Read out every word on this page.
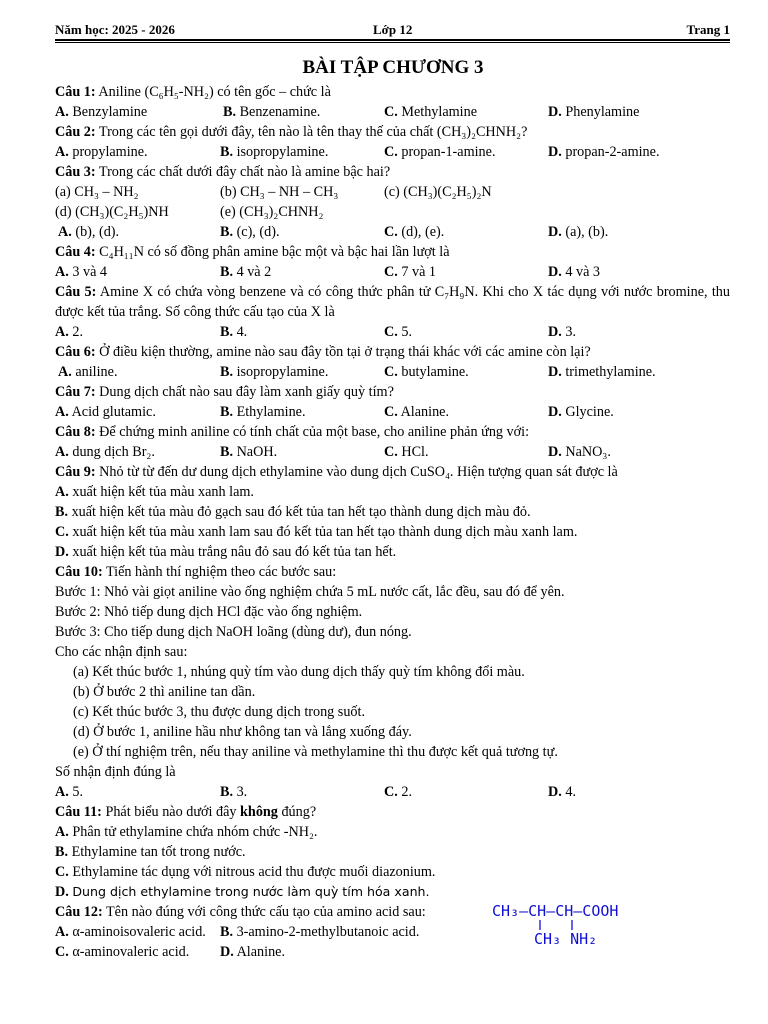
Năm học: 2025 - 2026	Lớp 12	Trang 1
BÀI TẬP CHƯƠNG 3
Câu 1: Aniline (C₆H₅-NH₂) có tên gốc – chức là
A. Benzylamine	B. Benzenamine.	C. Methylamine	D. Phenylamine
Câu 2: Trong các tên gọi dưới đây, tên nào là tên thay thế của chất (CH₃)₂CHNH₂?
A. propylamine.	B. isopropylamine.	C. propan-1-amine.	D. propan-2-amine.
Câu 3: Trong các chất dưới đây chất nào là amine bậc hai?
(a) CH₃ – NH₂	(b) CH₃ – NH – CH₃	(c) (CH₃)(C₂H₅)₂N
(d) (CH₃)(C₂H₅)NH	(e) (CH₃)₂CHNH₂
A. (b), (d).	B. (c), (d).	C. (d), (e).	D. (a), (b).
Câu 4: C₄H₁₁N có số đồng phân amine bậc một và bậc hai lần lượt là
A. 3 và 4	B. 4 và 2	C. 7 và 1	D. 4 và 3
Câu 5: Amine X có chứa vòng benzene và có công thức phân tử C₇H₉N. Khi cho X tác dụng với nước bromine, thu được kết tủa trắng. Số công thức cấu tạo của X là
A. 2.	B. 4.	C. 5.	D. 3.
Câu 6: Ở điều kiện thường, amine nào sau đây tồn tại ở trạng thái khác với các amine còn lại?
A. aniline.	B. isopropylamine.	C. butylamine.	D. trimethylamine.
Câu 7: Dung dịch chất nào sau đây làm xanh giấy quỳ tím?
A. Acid glutamic.	B. Ethylamine.	C. Alanine.	D. Glycine.
Câu 8: Để chứng minh aniline có tính chất của một base, cho aniline phản ứng với:
A. dung dịch Br₂.	B. NaOH.	C. HCl.	D. NaNO₃.
Câu 9: Nhỏ từ từ đến dư dung dịch ethylamine vào dung dịch CuSO₄. Hiện tượng quan sát được là
A. xuất hiện kết tủa màu xanh lam.
B. xuất hiện kết tủa màu đỏ gạch sau đó kết tủa tan hết tạo thành dung dịch màu đỏ.
C. xuất hiện kết tủa màu xanh lam sau đó kết tủa tan hết tạo thành dung dịch màu xanh lam.
D. xuất hiện kết tủa màu trắng nâu đỏ sau đó kết tủa tan hết.
Câu 10: Tiến hành thí nghiệm theo các bước sau:
Bước 1: Nhỏ vài giọt aniline vào ống nghiệm chứa 5 mL nước cất, lắc đều, sau đó để yên.
Bước 2: Nhỏ tiếp dung dịch HCl đặc vào ống nghiệm.
Bước 3: Cho tiếp dung dịch NaOH loãng (dùng dư), đun nóng.
Cho các nhận định sau:
(a) Kết thúc bước 1, nhúng quỳ tím vào dung dịch thấy quỳ tím không đổi màu.
(b) Ở bước 2 thì aniline tan dần.
(c) Kết thúc bước 3, thu được dung dịch trong suốt.
(d) Ở bước 1, aniline hầu như không tan và lắng xuống đáy.
(e) Ở thí nghiệm trên, nếu thay aniline và methylamine thì thu được kết quả tương tự.
Số nhận định đúng là
A. 5.	B. 3.	C. 2.	D. 4.
Câu 11: Phát biểu nào dưới đây không đúng?
A. Phân tử ethylamine chứa nhóm chức -NH₂.
B. Ethylamine tan tốt trong nước.
C. Ethylamine tác dụng với nitrous acid thu được muối diazonium.
D. Dung dịch ethylamine trong nước làm quỳ tím hóa xanh.
Câu 12: Tên nào đúng với công thức cấu tạo của amino acid sau:
A. α-aminoisovaleric acid. B. 3-amino-2-methylbutanoic acid.
C. α-aminovaleric acid. D. Alanine.
CH₃–CH–CH–COOH
CH₃ NH₂
